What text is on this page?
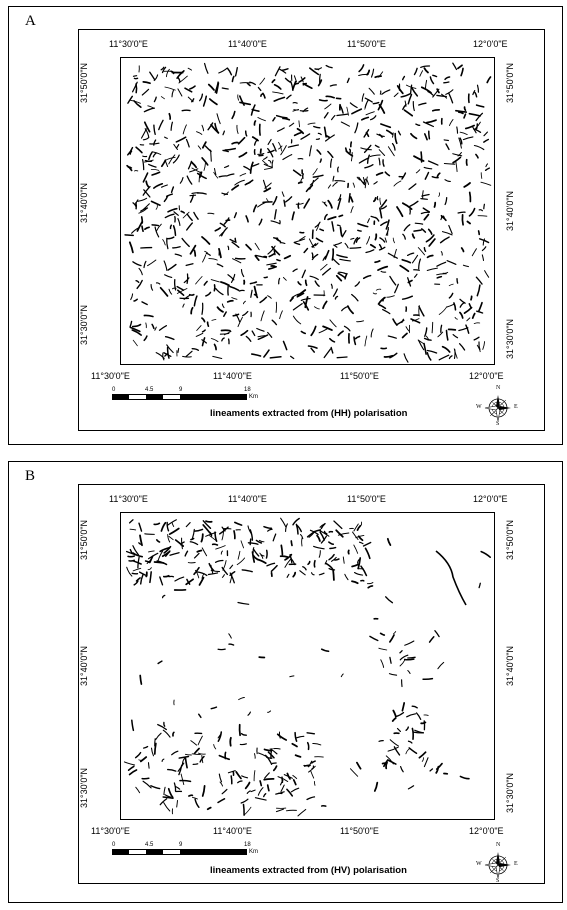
A
11°30'0"E	11°40'0"E	11°50'0"E	12°0'0"E
31°50'0"N
31°40'0"N
31°30'0"N
31°50'0"N
31°40'0"N
31°30'0"N
11°30'0"E	11°40'0"E	11°50'0"E	12°0'0"E
0	4.5	9	18
Km
lineaments extracted from (HH) polarisation
N
S
W	E
B
11°30'0"E	11°40'0"E	11°50'0"E	12°0'0"E
31°50'0"N
31°40'0"N
31°30'0"N
31°50'0"N
31°40'0"N
31°30'0"N
11°30'0"E	11°40'0"E	11°50'0"E	12°0'0"E
0	4.5	9	18
Km
lineaments extracted from (HV) polarisation
N
S
W	E
